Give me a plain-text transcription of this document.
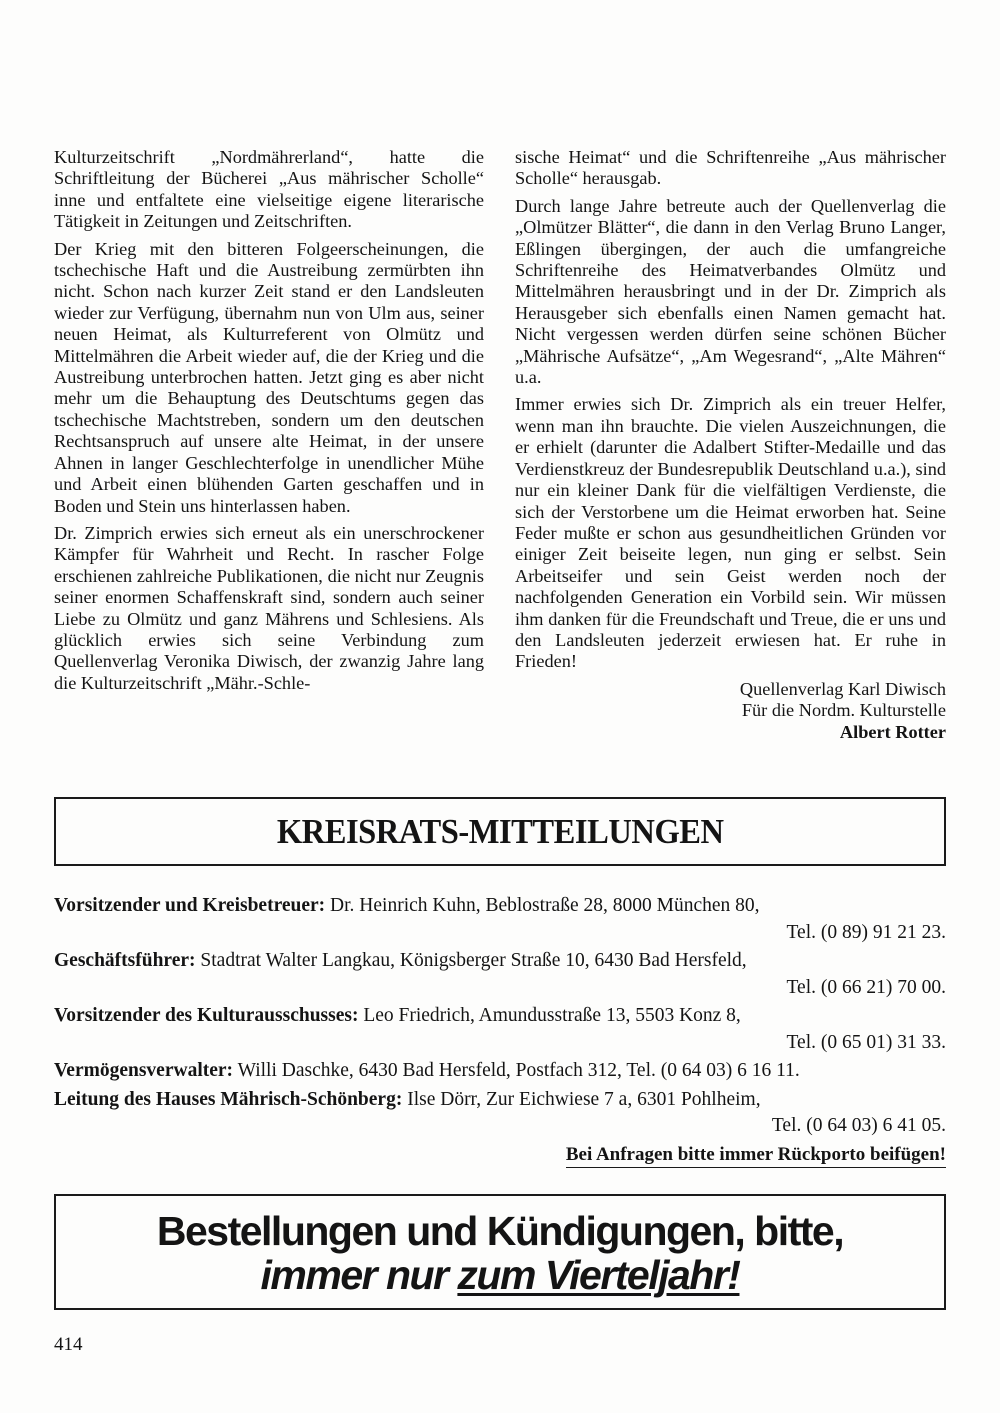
Kulturzeitschrift „Nordmährerland“, hatte die Schriftleitung der Bücherei „Aus mährischer Scholle“ inne und entfaltete eine vielseitige eigene literarische Tätigkeit in Zeitungen und Zeitschriften.

Der Krieg mit den bitteren Folgeerscheinungen, die tschechische Haft und die Austreibung zermürbten ihn nicht. Schon nach kurzer Zeit stand er den Landsleuten wieder zur Verfügung, übernahm nun von Ulm aus, seiner neuen Heimat, als Kulturreferent von Olmütz und Mittelmähren die Arbeit wieder auf, die der Krieg und die Austreibung unterbrochen hatten. Jetzt ging es aber nicht mehr um die Behauptung des Deutschtums gegen das tschechische Machtstreben, sondern um den deutschen Rechtsanspruch auf unsere alte Heimat, in der unsere Ahnen in langer Geschlechterfolge in unendlicher Mühe und Arbeit einen blühenden Garten geschaffen und in Boden und Stein uns hinterlassen haben.

Dr. Zimprich erwies sich erneut als ein unerschrockener Kämpfer für Wahrheit und Recht. In rascher Folge erschienen zahlreiche Publikationen, die nicht nur Zeugnis seiner enormen Schaffenskraft sind, sondern auch seiner Liebe zu Olmütz und ganz Mährens und Schlesiens. Als glücklich erwies sich seine Verbindung zum Quellenverlag Veronika Diwisch, der zwanzig Jahre lang die Kulturzeitschrift „Mähr.-Schle-

sische Heimat“ und die Schriftenreihe „Aus mährischer Scholle“ herausgab.

Durch lange Jahre betreute auch der Quellenverlag die „Olmützer Blätter“, die dann in den Verlag Bruno Langer, Eßlingen übergingen, der auch die umfangreiche Schriftenreihe des Heimatverbandes Olmütz und Mittelmähren herausbringt und in der Dr. Zimprich als Herausgeber sich ebenfalls einen Namen gemacht hat. Nicht vergessen werden dürfen seine schönen Bücher „Mährische Aufsätze“, „Am Wegesrand“, „Alte Mähren“ u.a.

Immer erwies sich Dr. Zimprich als ein treuer Helfer, wenn man ihn brauchte. Die vielen Auszeichnungen, die er erhielt (darunter die Adalbert Stifter-Medaille und das Verdienstkreuz der Bundesrepublik Deutschland u.a.), sind nur ein kleiner Dank für die vielfältigen Verdienste, die sich der Verstorbene um die Heimat erworben hat. Seine Feder mußte er schon aus gesundheitlichen Gründen vor einiger Zeit beiseite legen, nun ging er selbst. Sein Arbeitseifer und sein Geist werden noch der nachfolgenden Generation ein Vorbild sein. Wir müssen ihm danken für die Freundschaft und Treue, die er uns und den Landsleuten jederzeit erwiesen hat. Er ruhe in Frieden!

Quellenverlag Karl Diwisch
Für die Nordm. Kulturstelle
Albert Rotter
KREISRATS-MITTEILUNGEN
Vorsitzender und Kreisbetreuer: Dr. Heinrich Kuhn, Beblostraße 28, 8000 München 80,
Tel. (0 89) 91 21 23.
Geschäftsführer: Stadtrat Walter Langkau, Königsberger Straße 10, 6430 Bad Hersfeld,
Tel. (0 66 21) 70 00.
Vorsitzender des Kulturausschusses: Leo Friedrich, Amundusstraße 13, 5503 Konz 8,
Tel. (0 65 01) 31 33.
Vermögensverwalter: Willi Daschke, 6430 Bad Hersfeld, Postfach 312, Tel. (0 64 03) 6 16 11.
Leitung des Hauses Mährisch-Schönberg: Ilse Dörr, Zur Eichwiese 7 a, 6301 Pohlheim,
Tel. (0 64 03) 6 41 05.
Bei Anfragen bitte immer Rückporto beifügen!
Bestellungen und Kündigungen, bitte,
immer nur zum Vierteljahr!
414
